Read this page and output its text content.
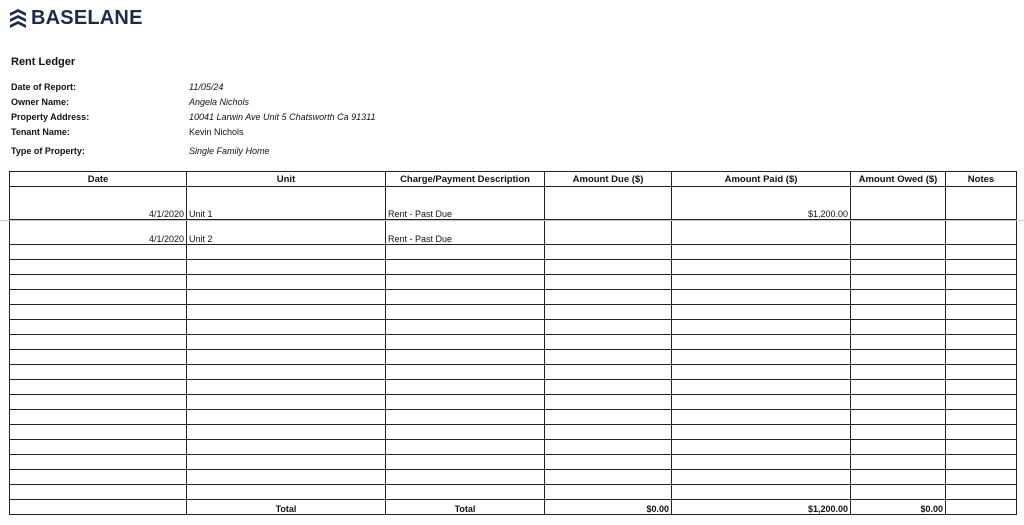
BASELANE
Rent Ledger
Date of Report:	11/05/24
Owner Name:	Angela Nichols
Property Address:	10041 Larwin Ave Unit 5 Chatsworth Ca 91311
Tenant Name:	Kevin Nichols
Type of Property:	Single Family Home
Date	Unit	Charge/Payment Description	Amount Due ($)	Amount Paid ($)	Amount Owed ($)	Notes
4/1/2020	Unit 1	Rent - Past Due		$1,200.00		
4/1/2020	Unit 2	Rent - Past Due				

	Total	Total	$0.00	$1,200.00	$0.00	
